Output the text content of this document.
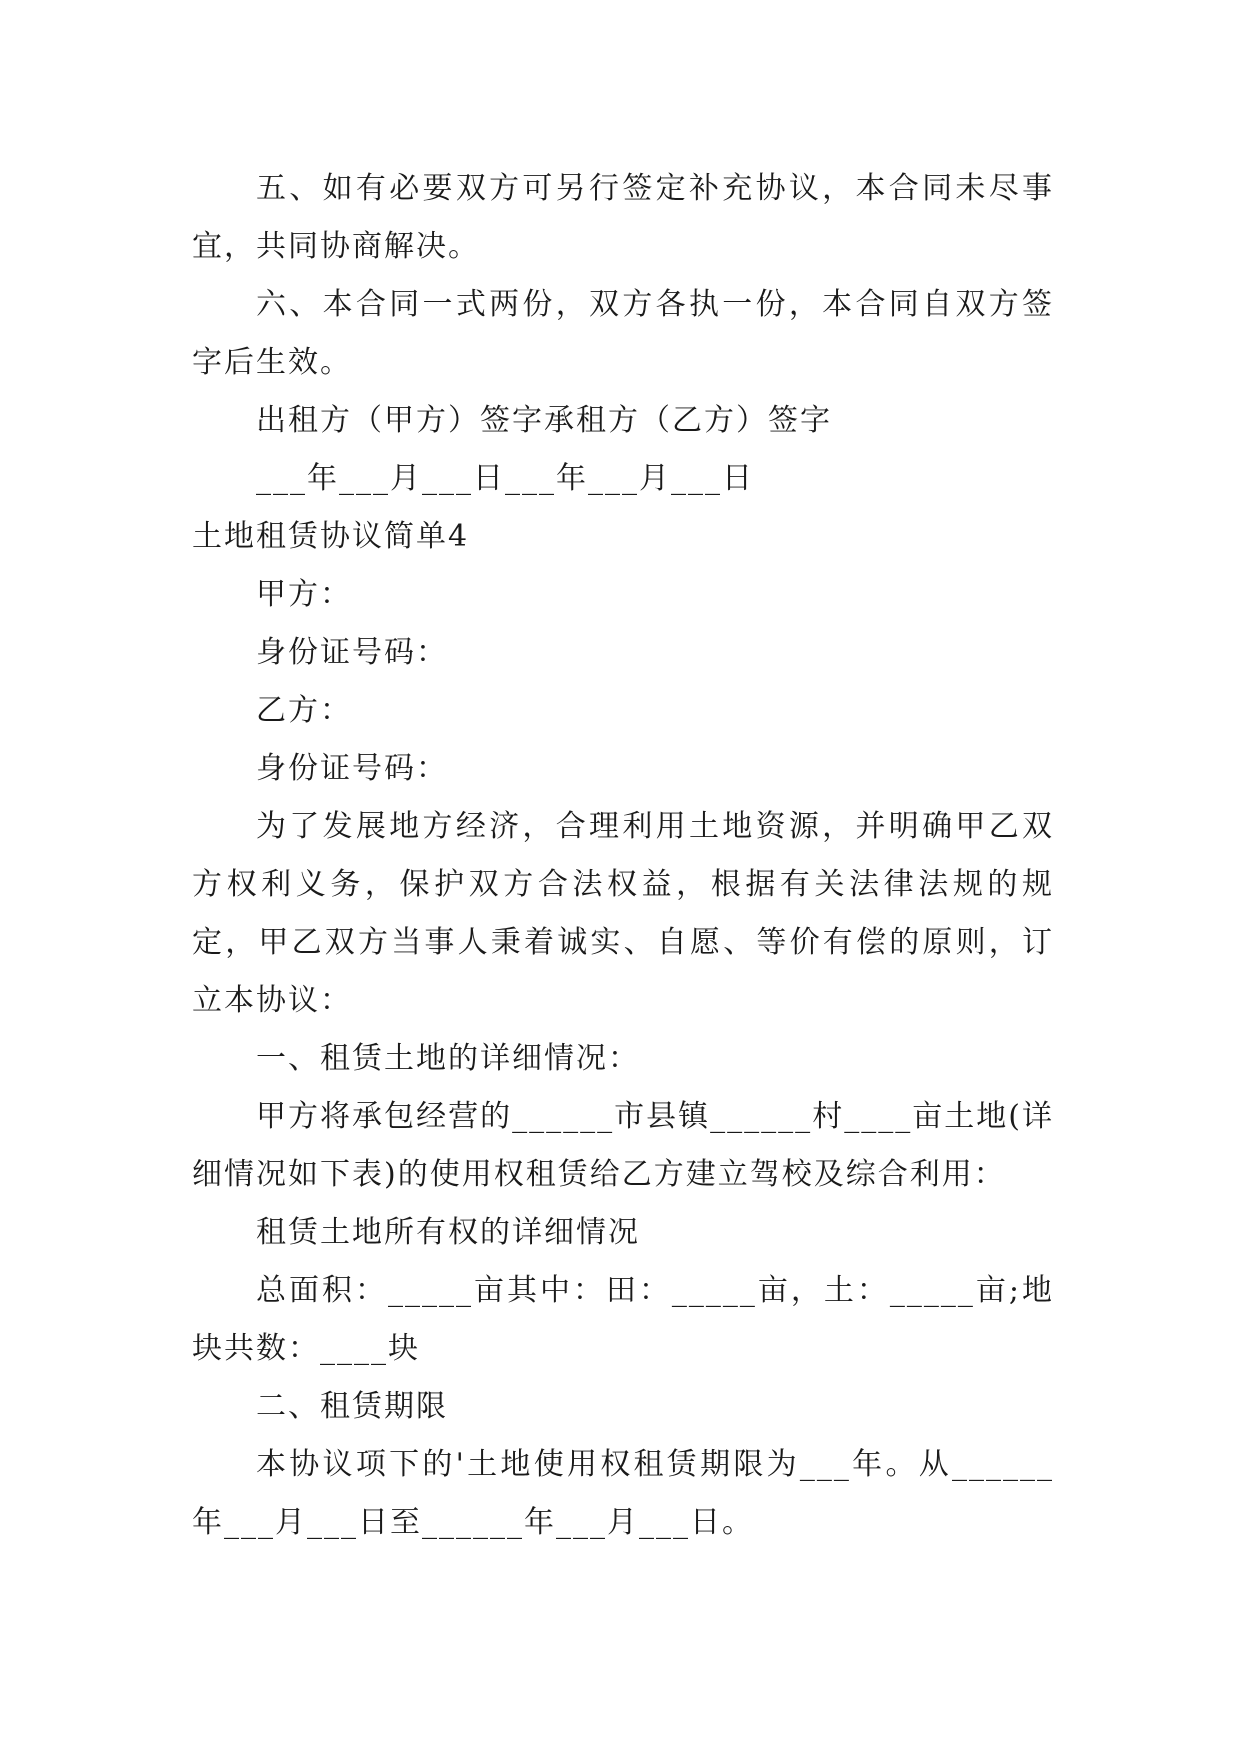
五、如有必要双方可另行签定补充协议，本合同未尽事宜，共同协商解决。

六、本合同一式两份，双方各执一份，本合同自双方签字后生效。

出租方（甲方）签字承租方（乙方）签字

___年___月___日___年___月___日

土地租赁协议简单4

甲方：

身份证号码：

乙方：

身份证号码：

为了发展地方经济，合理利用土地资源，并明确甲乙双方权利义务，保护双方合法权益，根据有关法律法规的规定，甲乙双方当事人秉着诚实、自愿、等价有偿的原则，订立本协议：

一、租赁土地的详细情况：

甲方将承包经营的______市县镇______村____亩土地(详细情况如下表)的使用权租赁给乙方建立驾校及综合利用：

租赁土地所有权的详细情况

总面积：_____亩其中：田：_____亩，土：_____亩;地块共数：____块

二、租赁期限

本协议项下的'土地使用权租赁期限为___年。从______年___月___日至______年___月___日。
